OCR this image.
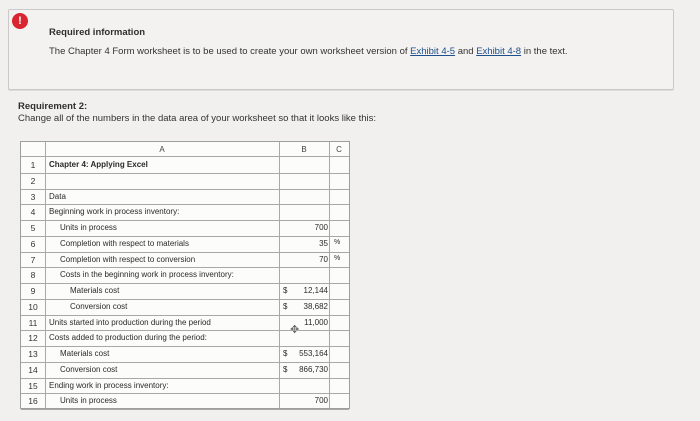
!
Required information
The Chapter 4 Form worksheet is to be used to create your own worksheet version of Exhibit 4-5 and Exhibit 4-8 in the text.
Requirement 2:
Change all of the numbers in the data area of your worksheet so that it looks like this:
A	B	C
1	Chapter 4: Applying Excel
2
3	Data
4	Beginning work in process inventory:
5	Units in process	700
6	Completion with respect to materials	35 %
7	Completion with respect to conversion	70 %
8	Costs in the beginning work in process inventory:
9	Materials cost	$ 12,144
10	Conversion cost	$ 38,682
11	Units started into production during the period	11,000
12	Costs added to production during the period:
13	Materials cost	$ 553,164
14	Conversion cost	$ 866,730
15	Ending work in process inventory:
16	Units in process	700
